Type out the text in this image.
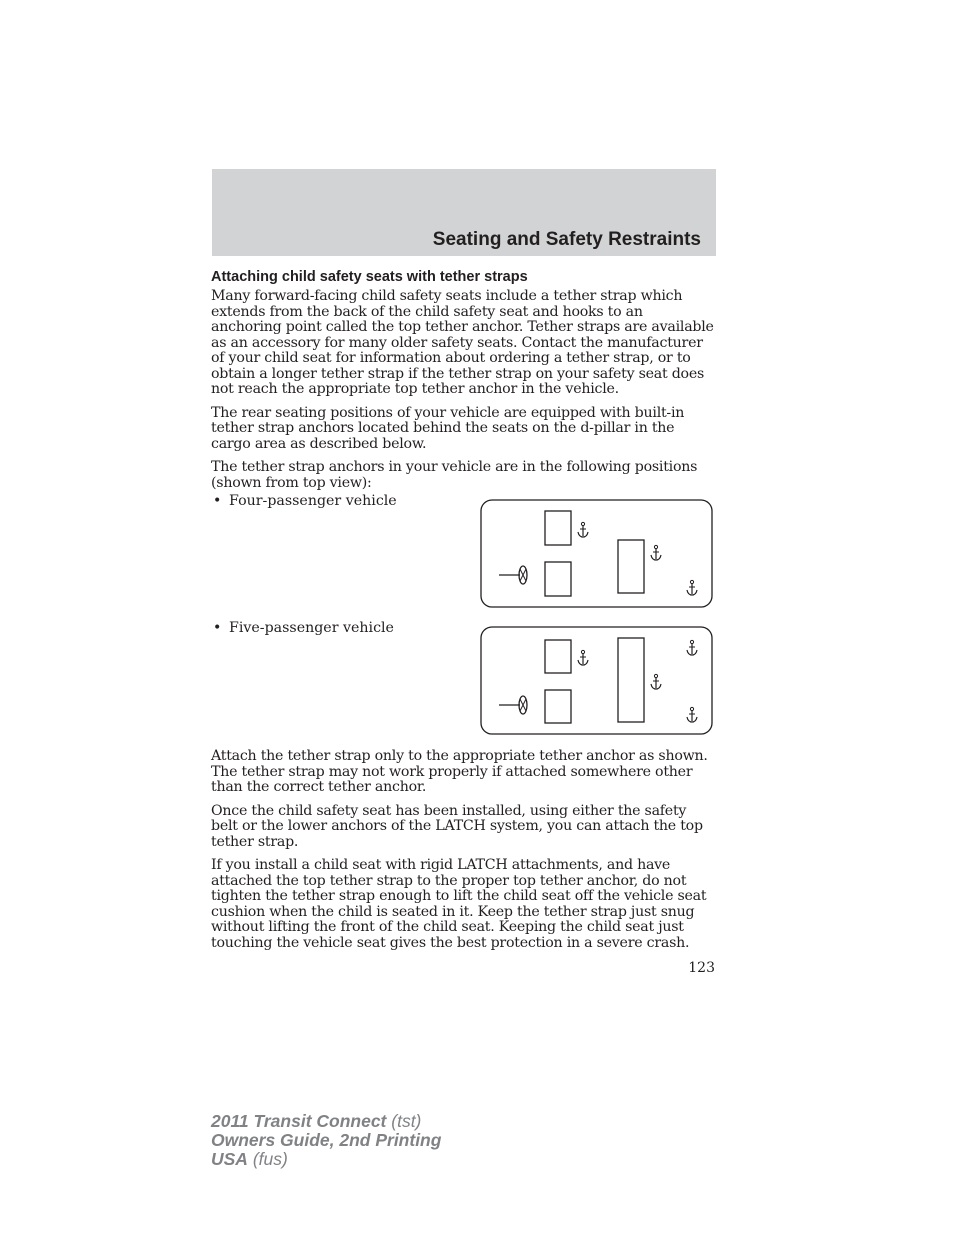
Seating and Safety Restraints
Attaching child safety seats with tether straps

Many forward-facing child safety seats include a tether strap which extends from the back of the child safety seat and hooks to an anchoring point called the top tether anchor. Tether straps are available as an accessory for many older safety seats. Contact the manufacturer of your child seat for information about ordering a tether strap, or to obtain a longer tether strap if the tether strap on your safety seat does not reach the appropriate top tether anchor in the vehicle.

The rear seating positions of your vehicle are equipped with built-in tether strap anchors located behind the seats on the d-pillar in the cargo area as described below.

The tether strap anchors in your vehicle are in the following positions (shown from top view):

• Four-passenger vehicle
• Five-passenger vehicle

Attach the tether strap only to the appropriate tether anchor as shown. The tether strap may not work properly if attached somewhere other than the correct tether anchor.

Once the child safety seat has been installed, using either the safety belt or the lower anchors of the LATCH system, you can attach the top tether strap.

If you install a child seat with rigid LATCH attachments, and have attached the top tether strap to the proper top tether anchor, do not tighten the tether strap enough to lift the child seat off the vehicle seat cushion when the child is seated in it. Keep the tether strap just snug without lifting the front of the child seat. Keeping the child seat just touching the vehicle seat gives the best protection in a severe crash.

123
2011 Transit Connect (tst)
Owners Guide, 2nd Printing
USA (fus)
